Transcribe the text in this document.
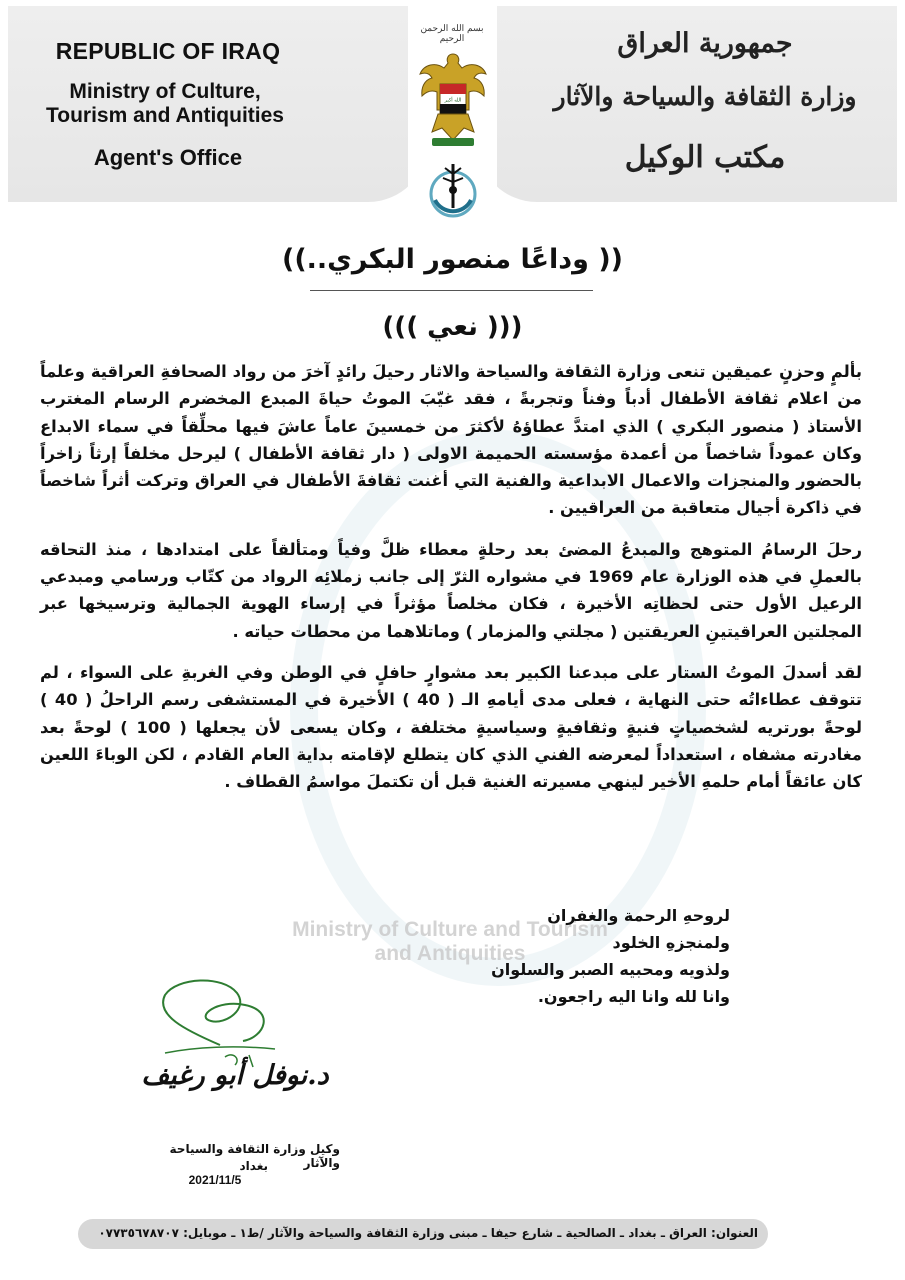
REPUBLIC OF IRAQ
Ministry of Culture, Tourism and Antiquities
Agent's Office
جمهورية العراق
وزارة الثقافة والسياحة والآثار
مكتب الوكيل
بسم الله الرحمن الرحيم
الله أكبر
(( وداعًا منصور البكري..))
((( نعي )))

بألمٍ وحزنٍ عميقين تنعى وزارة الثقافة والسياحة والاثار رحيلَ رائدٍ آخرَ من رواد الصحافةِ العراقية وعلماً من اعلام ثقافة الأطفال أدباً وفناً وتجربةً ، فقد غيّبَ الموتُ حياةَ المبدع المخضرم الرسام المغترب الأستاذ ( منصور البكري ) الذي امتدَّ عطاؤهُ لأكثرَ من خمسينَ عاماً عاشَ فيها محلِّقاً في سماء الابداع وكان عموداً شاخصاً من أعمدة مؤسسته الحميمة الاولى ( دار ثقافة الأطفال ) ليرحل مخلفاً إرثاً زاخراً بالحضور والمنجزات والاعمال الابداعية والفنية التي أغنت ثقافةَ الأطفال في العراق وتركت أثراً شاخصاً في ذاكرة أجيال متعاقبة من العراقيين .

رحلَ الرسامُ المتوهج والمبدعُ المضئ بعد رحلةٍ معطاء ظلَّ وفياً ومتألقاً على امتدادها ، منذ التحاقه بالعملِ في هذه الوزارة عام 1969 في مشواره الثرّ إلى جانب زملائِه الرواد من كتّاب ورسامي ومبدعي الرعيل الأول حتى لحظاتِه الأخيرة ، فكان مخلصاً مؤثراً في إرساء الهوية الجمالية وترسيخها عبر المجلتين العراقيتينِ العريقتين ( مجلتي والمزمار ) وماتلاهما من محطات حياته .

لقد أسدلَ الموتُ الستار على مبدعنا الكبير بعد مشوارٍ حافلٍ في الوطن وفي الغربةِ على السواء ، لم تتوقف عطاءاتُه حتى النهاية ، فعلى مدى أيامهِ الـ ( 40 ) الأخيرة في المستشفى رسم الراحلُ ( 40 ) لوحةً بورتريه لشخصياتٍ فنيةٍ وثقافيةٍ وسياسيةٍ مختلفة ، وكان يسعى لأن يجعلها ( 100 ) لوحةً بعد مغادرته مشفاه ، استعداداً لمعرضه الفني الذي كان يتطلع لإقامته بداية العام القادم ، لكن الوباءَ اللعين كان عائقاً أمام حلمهِ الأخير لينهي مسيرته الغنية قبل أن تكتملَ مواسمُ القطاف .

Ministry of Culture and Tourism and Antiquities
لروحهِ الرحمة والغفران
ولمنجزهِ الخلود
ولذويه ومحبيه الصبر والسلوان
وانا لله وانا اليه راجعون.
د.نوفل أبو رغيف
وكيل وزارة الثقافة والسياحة والآثار
بغداد
2021/11/5
العنوان: العراق ـ بغداد ـ الصالحية ـ شارع حيفا ـ مبنى وزارة الثقافة والسياحة والآثار /ط١ ـ موبايل: ٠٧٧٣٥٦٧٨٧٠٧
